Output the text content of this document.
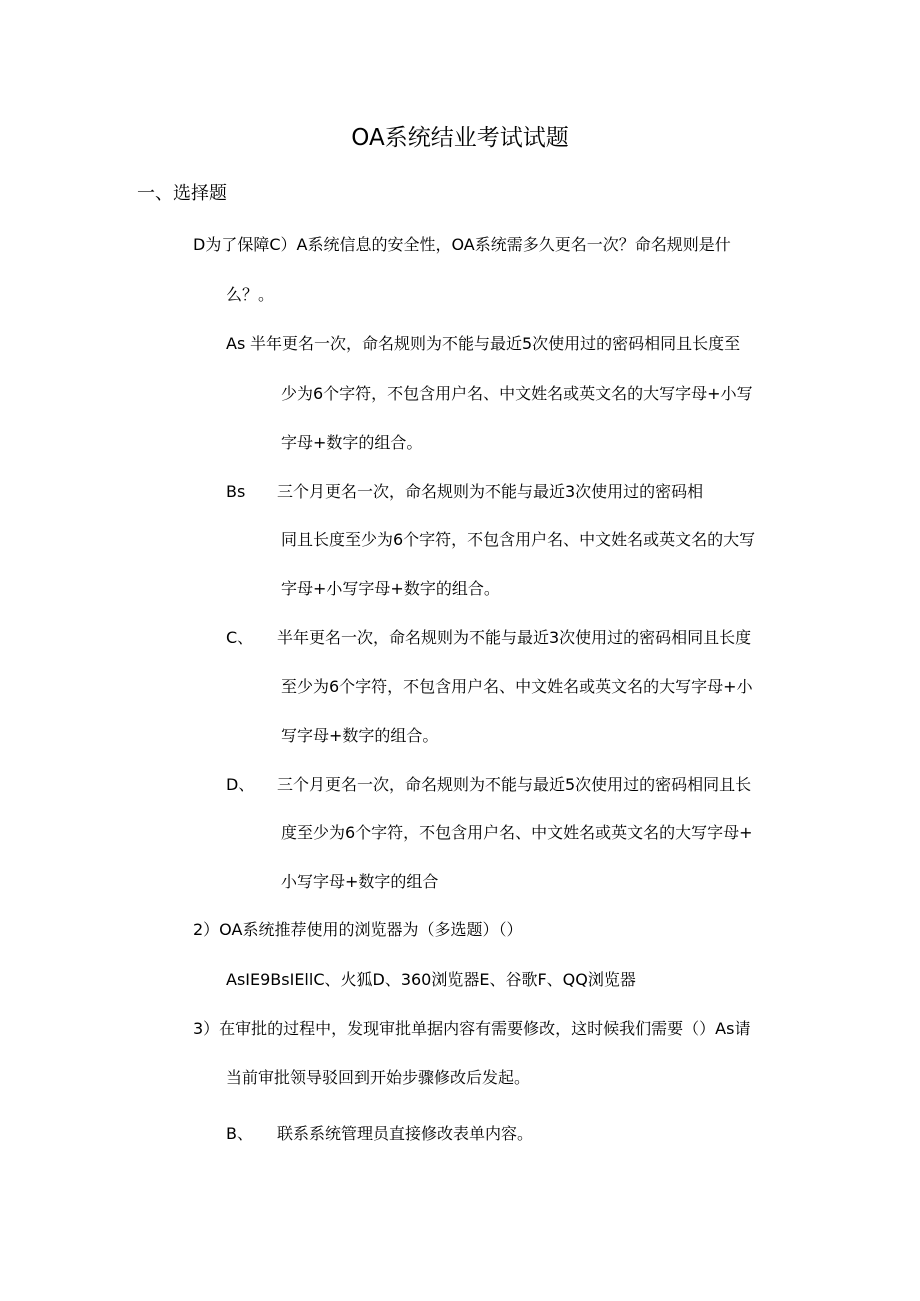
OA系统结业考试试题
一、选择题
D为了保障C）A系统信息的安全性，OA系统需多久更名一次？命名规则是什
么？。
As 半年更名一次，命名规则为不能与最近5次使用过的密码相同且长度至
少为6个字符，不包含用户名、中文姓名或英文名的大写字母+小写
字母+数字的组合。
Bs 三个月更名一次，命名规则为不能与最近3次使用过的密码相
同且长度至少为6个字符，不包含用户名、中文姓名或英文名的大写
字母+小写字母+数字的组合。
C、 半年更名一次，命名规则为不能与最近3次使用过的密码相同且长度
至少为6个字符，不包含用户名、中文姓名或英文名的大写字母+小
写字母+数字的组合。
D、 三个月更名一次，命名规则为不能与最近5次使用过的密码相同且长
度至少为6个字符，不包含用户名、中文姓名或英文名的大写字母+
小写字母+数字的组合
2）OA系统推荐使用的浏览器为（多选题）（）
AsIE9BsIEllC、火狐D、360浏览器E、谷歌F、QQ浏览器
3）在审批的过程中，发现审批单据内容有需要修改，这时候我们需要（）As请
当前审批领导驳回到开始步骤修改后发起。
B、 联系系统管理员直接修改表单内容。
